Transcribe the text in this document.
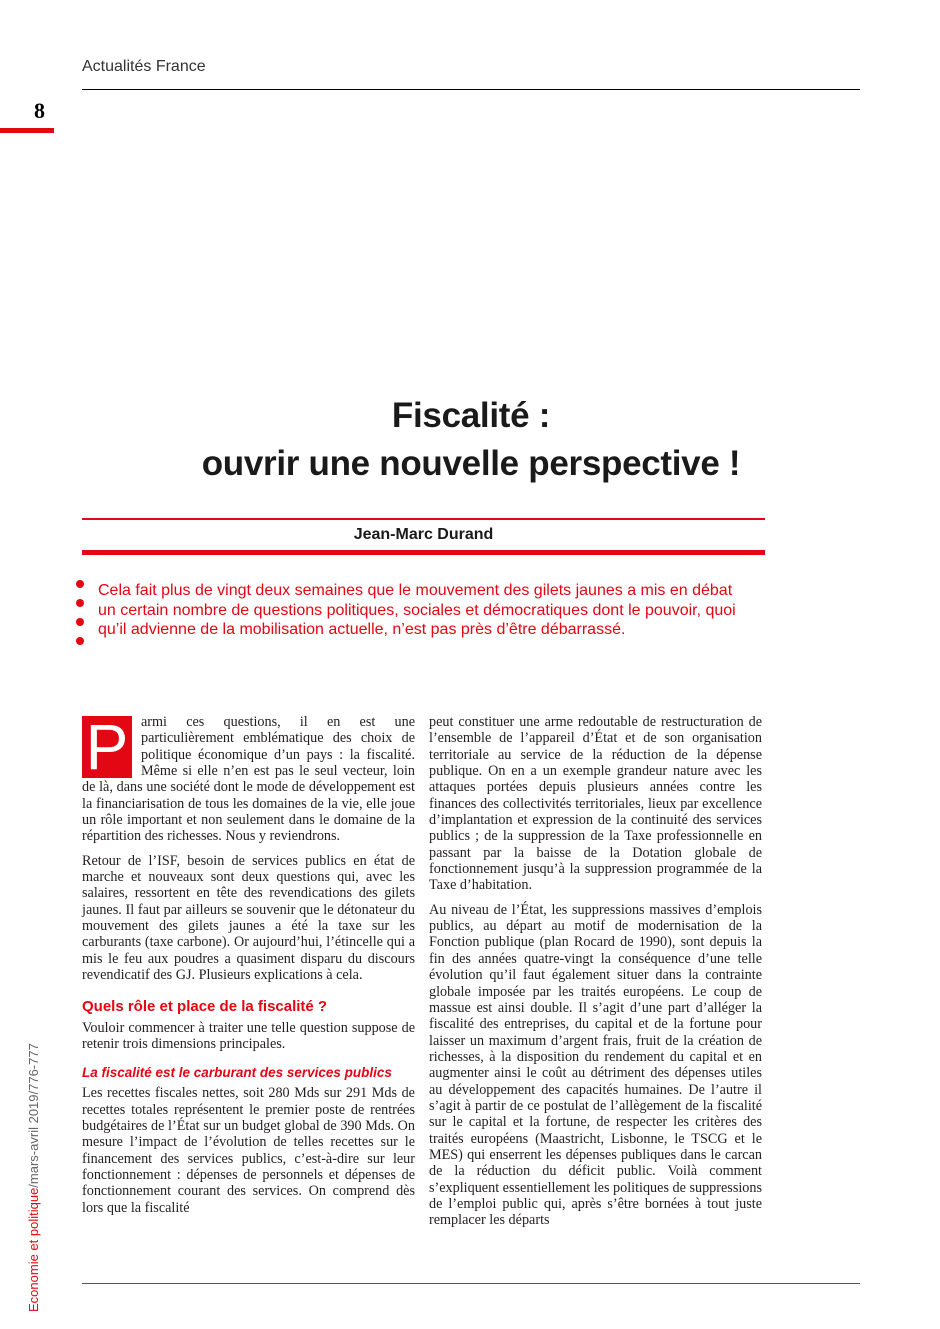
Actualités France
8
Fiscalité :
ouvrir une nouvelle perspective !
Jean-Marc Durand
Cela fait plus de vingt deux semaines que le mouvement des gilets jaunes a mis en débat un certain nombre de questions politiques, sociales et démocratiques dont le pouvoir, quoi qu’il advienne de la mobilisation actuelle, n’est pas près d’être débarrassé.

P armi ces questions, il en est une particulièrement emblématique des choix de politique économique d’un pays : la fiscalité. Même si elle n’en est pas le seul vecteur, loin de là, dans une société dont le mode de développement est la financiarisation de tous les domaines de la vie, elle joue un rôle important et non seulement dans le domaine de la répartition des richesses. Nous y reviendrons.

Retour de l’ISF, besoin de services publics en état de marche et nouveaux sont deux questions qui, avec les salaires, ressortent en tête des revendications des gilets jaunes. Il faut par ailleurs se souvenir que le détonateur du mouvement des gilets jaunes a été la taxe sur les carburants (taxe carbone). Or aujourd’hui, l’étincelle qui a mis le feu aux poudres a quasiment disparu du discours revendicatif des GJ. Plusieurs explications à cela.

Quels rôle et place de la fiscalité ?

Vouloir commencer à traiter une telle question suppose de retenir trois dimensions principales.

La fiscalité est le carburant des services publics

Les recettes fiscales nettes, soit 280 Mds sur 291 Mds de recettes totales représentent le premier poste de rentrées budgétaires de l’État sur un budget global de 390 Mds. On mesure l’impact de l’évolution de telles recettes sur le financement des services publics, c’est-à-dire sur leur fonctionnement : dépenses de personnels et dépenses de fonctionnement courant des services. On comprend dès lors que la fiscalité

peut constituer une arme redoutable de restructuration de l’ensemble de l’appareil d’État et de son organisation territoriale au service de la réduction de la dépense publique. On en a un exemple grandeur nature avec les attaques portées depuis plusieurs années contre les finances des collectivités territoriales, lieux par excellence d’implantation et expression de la continuité des services publics ; de la suppression de la Taxe professionnelle en passant par la baisse de la Dotation globale de fonctionnement jusqu’à la suppression programmée de la Taxe d’habitation.

Au niveau de l’État, les suppressions massives d’emplois publics, au départ au motif de modernisation de la Fonction publique (plan Rocard de 1990), sont depuis la fin des années quatre-vingt la conséquence d’une telle évolution qu’il faut également situer dans la contrainte globale imposée par les traités européens. Le coup de massue est ainsi double. Il s’agit d’une part d’alléger la fiscalité des entreprises, du capital et de la fortune pour laisser un maximum d’argent frais, fruit de la création de richesses, à la disposition du rendement du capital et en augmenter ainsi le coût au détriment des dépenses utiles au développement des capacités humaines. De l’autre il s’agit à partir de ce postulat de l’allègement de la fiscalité sur le capital et la fortune, de respecter les critères des traités européens (Maastricht, Lisbonne, le TSCG et le MES) qui enserrent les dépenses publiques dans le carcan de la réduction du déficit public. Voilà comment s’expliquent essentiellement les politiques de suppressions de l’emploi public qui, après s’être bornées à tout juste remplacer les départs

Economie et politique/mars-avril 2019/776-777
